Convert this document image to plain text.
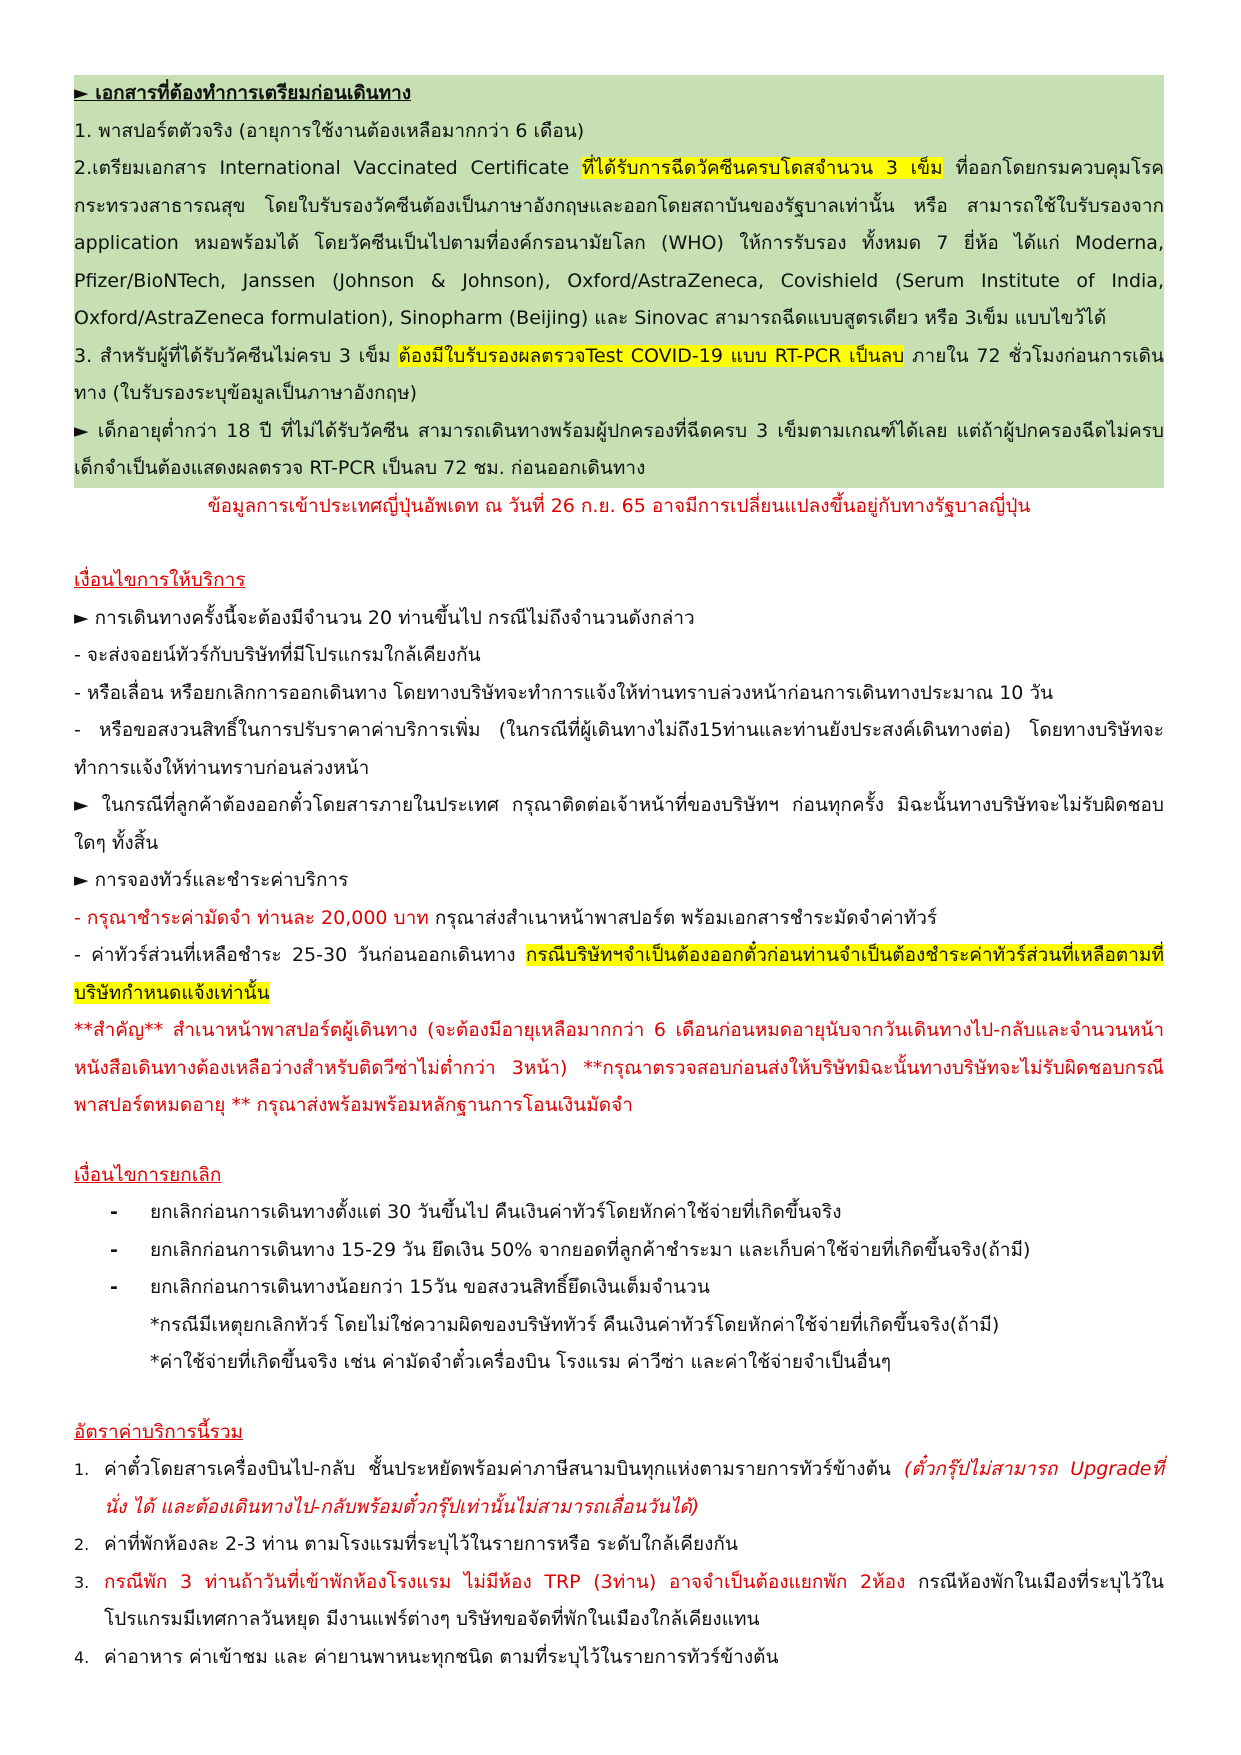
► เอกสารที่ต้องทำการเตรียมก่อนเดินทาง

1. พาสปอร์ตตัวจริง (อายุการใช้งานต้องเหลือมากกว่า 6 เดือน)

2.เตรียมเอกสาร International Vaccinated Certificate ที่ได้รับการฉีดวัคซีนครบโดสจำนวน 3 เข็ม ที่ออกโดยกรมควบคุมโรค กระทรวงสาธารณสุข โดยใบรับรองวัคซีนต้องเป็นภาษาอังกฤษและออกโดยสถาบันของรัฐบาลเท่านั้น หรือ สามารถใช้ใบรับรองจาก application หมอพร้อมได้ โดยวัคซีนเป็นไปตามที่องค์กรอนามัยโลก (WHO) ให้การรับรอง ทั้งหมด 7 ยี่ห้อ ได้แก่ Moderna, Pfizer/BioNTech, Janssen (Johnson & Johnson), Oxford/AstraZeneca, Covishield (Serum Institute of India, Oxford/AstraZeneca formulation), Sinopharm (Beijing) และ Sinovac สามารถฉีดแบบสูตรเดียว หรือ 3เข็ม แบบไขว้ได้

3. สำหรับผู้ที่ได้รับวัคซีนไม่ครบ 3 เข็ม ต้องมีใบรับรองผลตรวจTest COVID-19 แบบ RT-PCR เป็นลบ ภายใน 72 ชั่วโมงก่อนการเดินทาง (ใบรับรองระบุข้อมูลเป็นภาษาอังกฤษ)

► เด็กอายุต่ำกว่า 18 ปี ที่ไม่ได้รับวัคซีน สามารถเดินทางพร้อมผู้ปกครองที่ฉีดครบ 3 เข็มตามเกณฑ์ได้เลย แต่ถ้าผู้ปกครองฉีดไม่ครบ เด็กจำเป็นต้องแสดงผลตรวจ RT-PCR เป็นลบ 72 ชม. ก่อนออกเดินทาง

ข้อมูลการเข้าประเทศญี่ปุ่นอัพเดท ณ วันที่ 26 ก.ย. 65 อาจมีการเปลี่ยนแปลงขึ้นอยู่กับทางรัฐบาลญี่ปุ่น

เงื่อนไขการให้บริการ

► การเดินทางครั้งนี้จะต้องมีจำนวน 20 ท่านขึ้นไป กรณีไม่ถึงจำนวนดังกล่าว

- จะส่งจอยน์ทัวร์กับบริษัทที่มีโปรแกรมใกล้เคียงกัน

- หรือเลื่อน หรือยกเลิกการออกเดินทาง โดยทางบริษัทจะทำการแจ้งให้ท่านทราบล่วงหน้าก่อนการเดินทางประมาณ 10 วัน

- หรือขอสงวนสิทธิ์ในการปรับราคาค่าบริการเพิ่ม (ในกรณีที่ผู้เดินทางไม่ถึง15ท่านและท่านยังประสงค์เดินทางต่อ) โดยทางบริษัทจะทำการแจ้งให้ท่านทราบก่อนล่วงหน้า

► ในกรณีที่ลูกค้าต้องออกตั๋วโดยสารภายในประเทศ กรุณาติดต่อเจ้าหน้าที่ของบริษัทฯ ก่อนทุกครั้ง มิฉะนั้นทางบริษัทจะไม่รับผิดชอบใดๆ ทั้งสิ้น

► การจองทัวร์และชำระค่าบริการ

- กรุณาชำระค่ามัดจำ ท่านละ 20,000 บาท กรุณาส่งสำเนาหน้าพาสปอร์ต พร้อมเอกสารชำระมัดจำค่าทัวร์

- ค่าทัวร์ส่วนที่เหลือชำระ 25-30 วันก่อนออกเดินทาง กรณีบริษัทฯจำเป็นต้องออกตั๋วก่อนท่านจำเป็นต้องชำระค่าทัวร์ส่วนที่เหลือตามที่บริษัทกำหนดแจ้งเท่านั้น

**สำคัญ** สำเนาหน้าพาสปอร์ตผู้เดินทาง (จะต้องมีอายุเหลือมากกว่า 6 เดือนก่อนหมดอายุนับจากวันเดินทางไป-กลับและจำนวนหน้าหนังสือเดินทางต้องเหลือว่างสำหรับติดวีซ่าไม่ต่ำกว่า 3หน้า) **กรุณาตรวจสอบก่อนส่งให้บริษัทมิฉะนั้นทางบริษัทจะไม่รับผิดชอบกรณีพาสปอร์ตหมดอายุ ** กรุณาส่งพร้อมพร้อมหลักฐานการโอนเงินมัดจำ

เงื่อนไขการยกเลิก

- ยกเลิกก่อนการเดินทางตั้งแต่ 30 วันขึ้นไป คืนเงินค่าทัวร์โดยหักค่าใช้จ่ายที่เกิดขึ้นจริง

- ยกเลิกก่อนการเดินทาง 15-29 วัน ยึดเงิน 50% จากยอดที่ลูกค้าชำระมา และเก็บค่าใช้จ่ายที่เกิดขึ้นจริง(ถ้ามี)

- ยกเลิกก่อนการเดินทางน้อยกว่า 15วัน ขอสงวนสิทธิ์ยึดเงินเต็มจำนวน

*กรณีมีเหตุยกเลิกทัวร์ โดยไม่ใช่ความผิดของบริษัททัวร์ คืนเงินค่าทัวร์โดยหักค่าใช้จ่ายที่เกิดขึ้นจริง(ถ้ามี)

*ค่าใช้จ่ายที่เกิดขึ้นจริง เช่น ค่ามัดจำตั๋วเครื่องบิน โรงแรม ค่าวีซ่า และค่าใช้จ่ายจำเป็นอื่นๆ

อัตราค่าบริการนี้รวม

1. ค่าตั๋วโดยสารเครื่องบินไป-กลับ ชั้นประหยัดพร้อมค่าภาษีสนามบินทุกแห่งตามรายการทัวร์ข้างต้น (ตั๋วกรุ๊ปไม่สามารถ Upgradeที่นั่ง ได้ และต้องเดินทางไป-กลับพร้อมตั๋วกรุ๊ปเท่านั้นไม่สามารถเลื่อนวันได้)

2. ค่าที่พักห้องละ 2-3 ท่าน ตามโรงแรมที่ระบุไว้ในรายการหรือ ระดับใกล้เคียงกัน

3. กรณีพัก 3 ท่านถ้าวันที่เข้าพักห้องโรงแรม ไม่มีห้อง TRP (3ท่าน) อาจจำเป็นต้องแยกพัก 2ห้อง กรณีห้องพักในเมืองที่ระบุไว้ในโปรแกรมมีเทศกาลวันหยุด มีงานแฟร์ต่างๆ บริษัทขอจัดที่พักในเมืองใกล้เคียงแทน

4. ค่าอาหาร ค่าเข้าชม และ ค่ายานพาหนะทุกชนิด ตามที่ระบุไว้ในรายการทัวร์ข้างต้น
